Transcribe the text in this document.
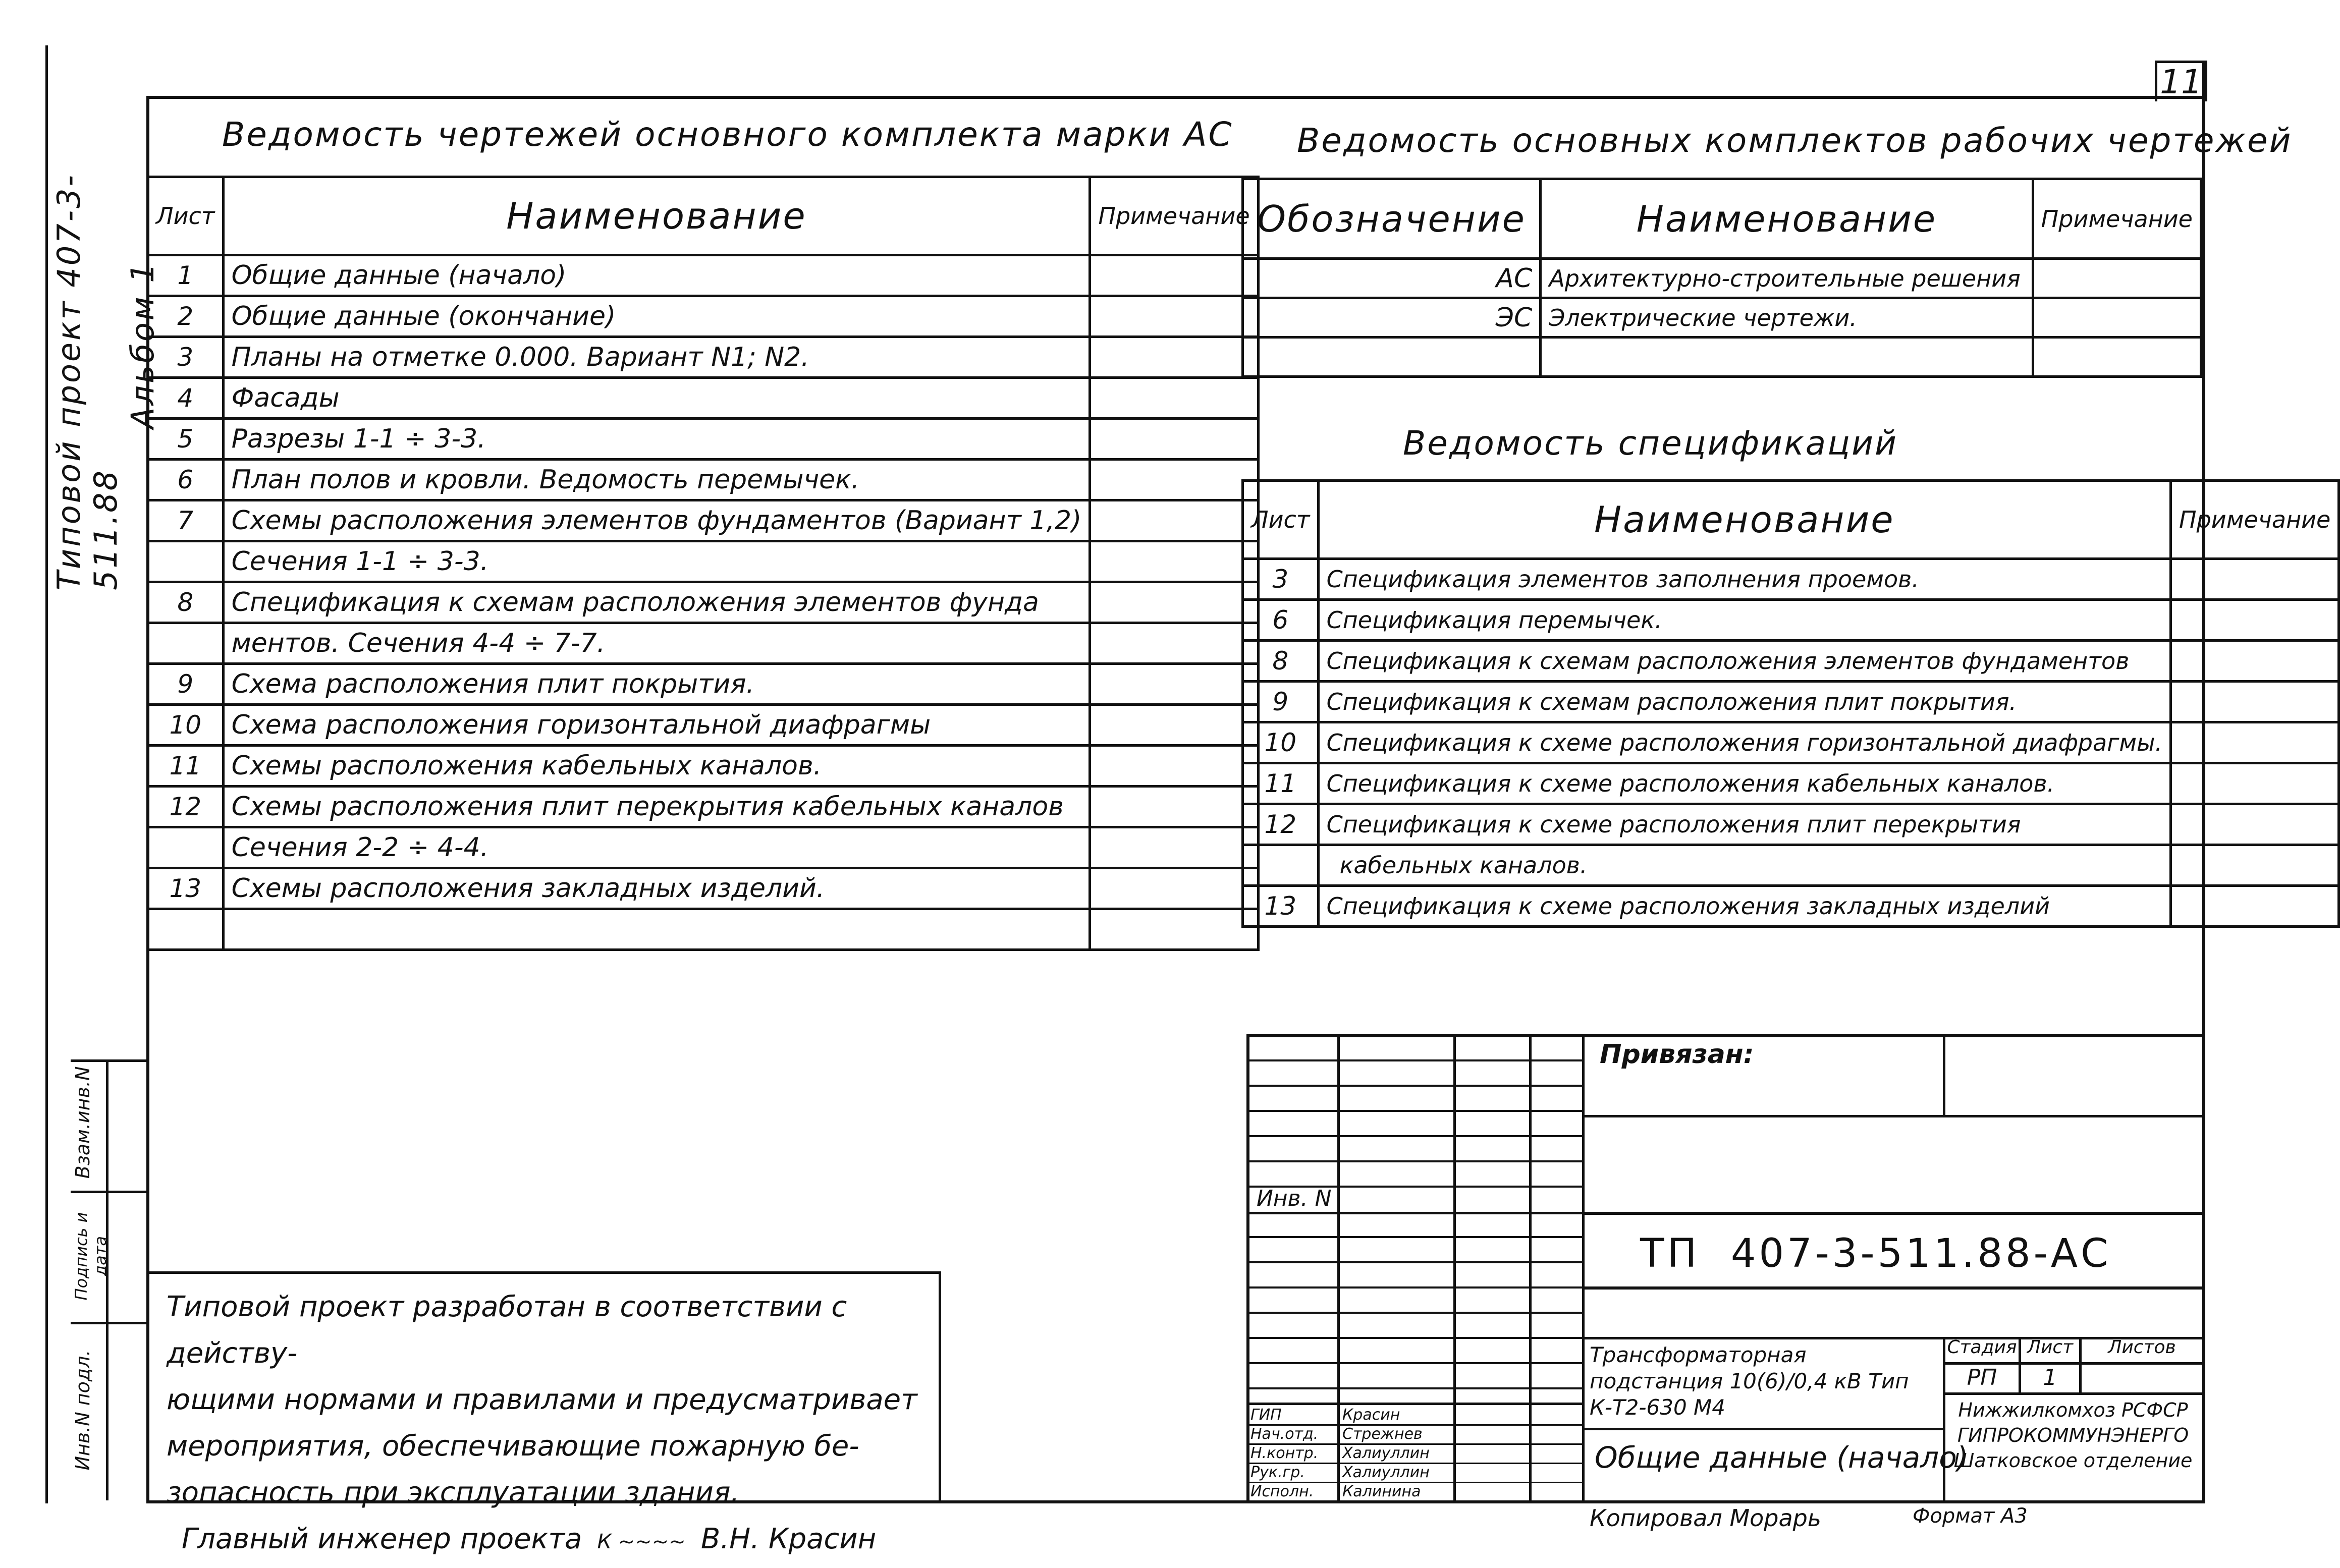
11
Типовой проект 407-3-511.88
Альбом 1
Взам.инв.N
Подпись и дата
Инв.N подл.
Ведомость чертежей основного комплекта марки АС
Лист	Наименование	Примечание
1	Общие данные (начало)	
2	Общие данные (окончание)	
3	Планы на отметке 0.000. Вариант N1; N2.	
4	Фасады	
5	Разрезы 1-1 ÷ 3-3.	
6	План полов и кровли. Ведомость перемычек.	
7	Схемы расположения элементов фундаментов (Вариант 1,2)	
	Сечения 1-1 ÷ 3-3.	
8	Спецификация к схемам расположения элементов фунда	
	ментов. Сечения 4-4 ÷ 7-7.	
9	Схема расположения плит покрытия.	
10	Схема расположения горизонтальной диафрагмы	
11	Схемы расположения кабельных каналов.	
12	Схемы расположения плит перекрытия кабельных каналов	
	Сечения 2-2 ÷ 4-4.	
13	Схемы расположения закладных изделий.	

Ведомость основных комплектов рабочих чертежей
Обозначение	Наименование	Примечание
АС	Архитектурно-строительные решения	
ЭС	Электрические чертежи.	

Ведомость спецификаций
Лист	Наименование	Примечание
3	Спецификация элементов заполнения проемов.	
6	Спецификация перемычек.	
8	Спецификация к схемам расположения элементов фундаментов	
9	Спецификация к схемам расположения плит покрытия.	
10	Спецификация к схеме расположения горизонтальной диафрагмы.	
11	Спецификация к схеме расположения кабельных каналов.	
12	Спецификация к схеме расположения плит перекрытия	
	кабельных каналов.	
13	Спецификация к схеме расположения закладных изделий	
Типовой проект разработан в соответствии с действу-
ющими нормами и правилами и предусматривает
мероприятия, обеспечивающие пожарную бе-
зопасность при эксплуатации здания.
Главный инженер проекта К ~~~~ В.Н. Красин
Привязан:
Инв. N
ТП  407-3-511.88-АС
Трансформаторная подстанция 10(6)/0,4 кВ Тип К-Т2-630 М4
Общие данные (начало)
Стадия Лист	Листов
РП	1
Нижжилкомхоз РСФСР ГИПРОКОММУНЭНЕРГО Шатковское отделение
ГИП	Красин
Нач.отд.	Стрежнев
Н.контр.	Халиуллин
Рук.гр.	Халиуллин
Исполн.	Калинина
Копировал Морарь	Формат А3
